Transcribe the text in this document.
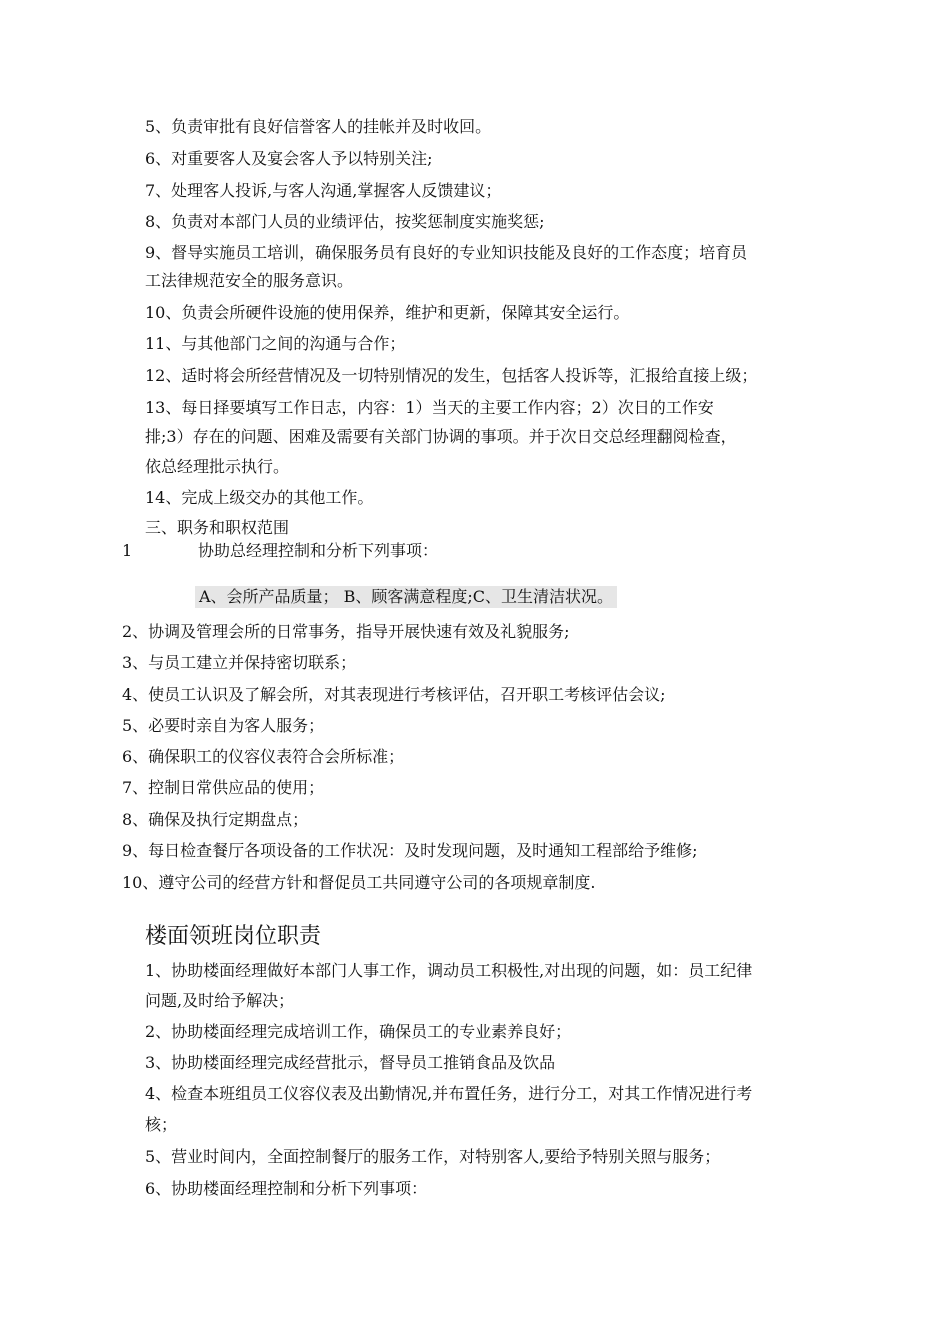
5、负责审批有良好信誉客人的挂帐并及时收回。
6、对重要客人及宴会客人予以特别关注;
7、处理客人投诉,与客人沟通,掌握客人反馈建议；
8、负责对本部门人员的业绩评估，按奖惩制度实施奖惩;
9、督导实施员工培训，确保服务员有良好的专业知识技能及良好的工作态度；培育员
工法律规范安全的服务意识。
10、负责会所硬件设施的使用保养，维护和更新，保障其安全运行。
11、与其他部门之间的沟通与合作；
12、适时将会所经营情况及一切特别情况的发生，包括客人投诉等，汇报给直接上级；
13、每日择要填写工作日志，内容：1）当天的主要工作内容；2）次日的工作安
排;3）存在的问题、困难及需要有关部门协调的事项。并于次日交总经理翻阅检查，
依总经理批示执行。
14、完成上级交办的其他工作。
三、职务和职权范围
1	协助总经理控制和分析下列事项：
A、会所产品质量； B、顾客满意程度;C、卫生清洁状况。
2、协调及管理会所的日常事务，指导开展快速有效及礼貌服务;
3、与员工建立并保持密切联系；
4、使员工认识及了解会所，对其表现进行考核评估，召开职工考核评估会议;
5、必要时亲自为客人服务；
6、确保职工的仪容仪表符合会所标准；
7、控制日常供应品的使用；
8、确保及执行定期盘点；
9、每日检查餐厅各项设备的工作状况：及时发现问题，及时通知工程部给予维修;
10、遵守公司的经营方针和督促员工共同遵守公司的各项规章制度.
楼面领班岗位职责
1、协助楼面经理做好本部门人事工作，调动员工积极性,对出现的问题，如：员工纪律
问题,及时给予解决；
2、协助楼面经理完成培训工作，确保员工的专业素养良好；
3、协助楼面经理完成经营批示，督导员工推销食品及饮品
4、检查本班组员工仪容仪表及出勤情况,并布置任务，进行分工，对其工作情况进行考
核；
5、营业时间内，全面控制餐厅的服务工作，对特别客人,要给予特别关照与服务；
6、协助楼面经理控制和分析下列事项：
